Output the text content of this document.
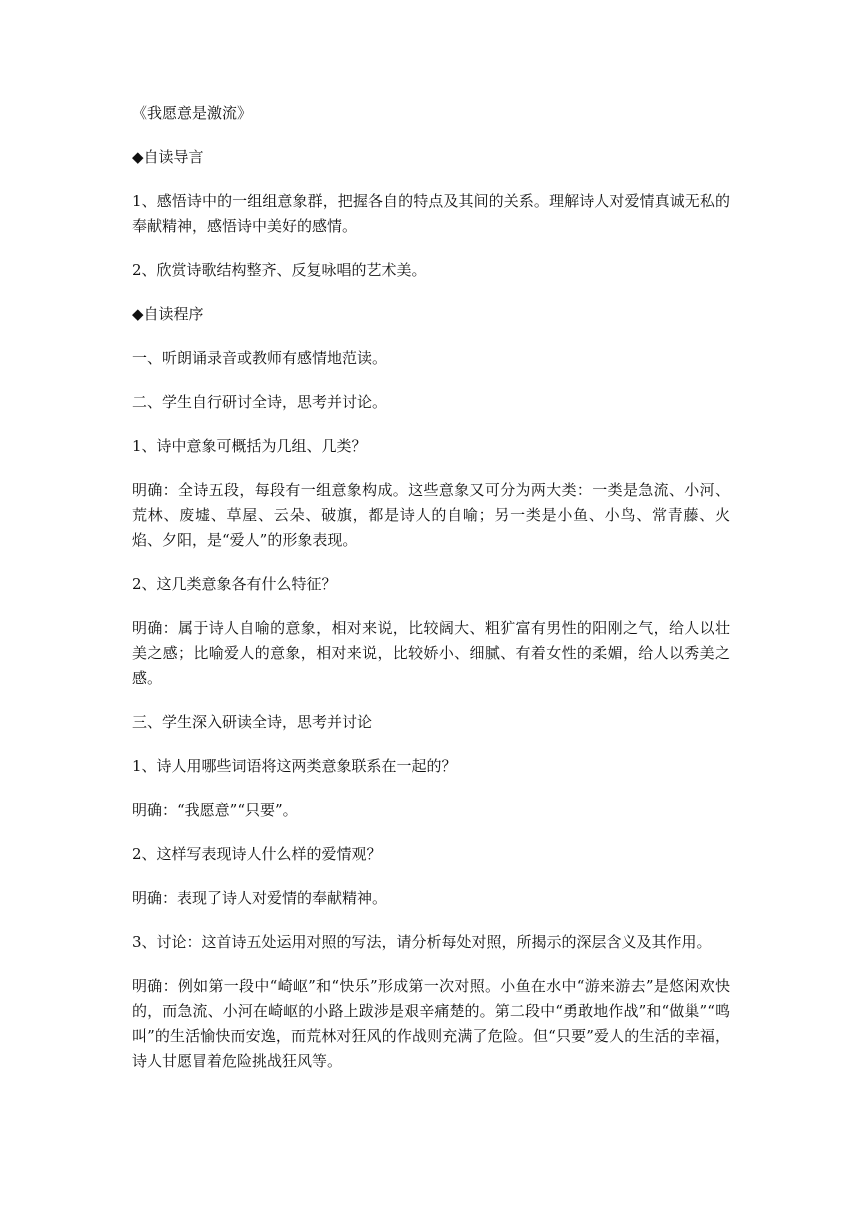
《我愿意是激流》

◆自读导言

1、感悟诗中的一组组意象群，把握各自的特点及其间的关系。理解诗人对爱情真诚无私的奉献精神，感悟诗中美好的感情。

2、欣赏诗歌结构整齐、反复咏唱的艺术美。

◆自读程序

一、听朗诵录音或教师有感情地范读。

二、学生自行研讨全诗，思考并讨论。

1、诗中意象可概括为几组、几类？

明确：全诗五段，每段有一组意象构成。这些意象又可分为两大类：一类是急流、小河、荒林、废墟、草屋、云朵、破旗，都是诗人的自喻；另一类是小鱼、小鸟、常青藤、火焰、夕阳，是“爱人”的形象表现。

2、这几类意象各有什么特征？

明确：属于诗人自喻的意象，相对来说，比较阔大、粗犷富有男性的阳刚之气，给人以壮美之感；比喻爱人的意象，相对来说，比较娇小、细腻、有着女性的柔媚，给人以秀美之感。

三、学生深入研读全诗，思考并讨论

1、诗人用哪些词语将这两类意象联系在一起的？

明确：“我愿意”“只要”。

2、这样写表现诗人什么样的爱情观？

明确：表现了诗人对爱情的奉献精神。

3、讨论：这首诗五处运用对照的写法，请分析每处对照，所揭示的深层含义及其作用。

明确：例如第一段中“崎岖”和“快乐”形成第一次对照。小鱼在水中“游来游去”是悠闲欢快的，而急流、小河在崎岖的小路上跋涉是艰辛痛楚的。第二段中“勇敢地作战”和“做巢”“鸣叫”的生活愉快而安逸，而荒林对狂风的作战则充满了危险。但“只要”爱人的生活的幸福，诗人甘愿冒着危险挑战狂风等。
